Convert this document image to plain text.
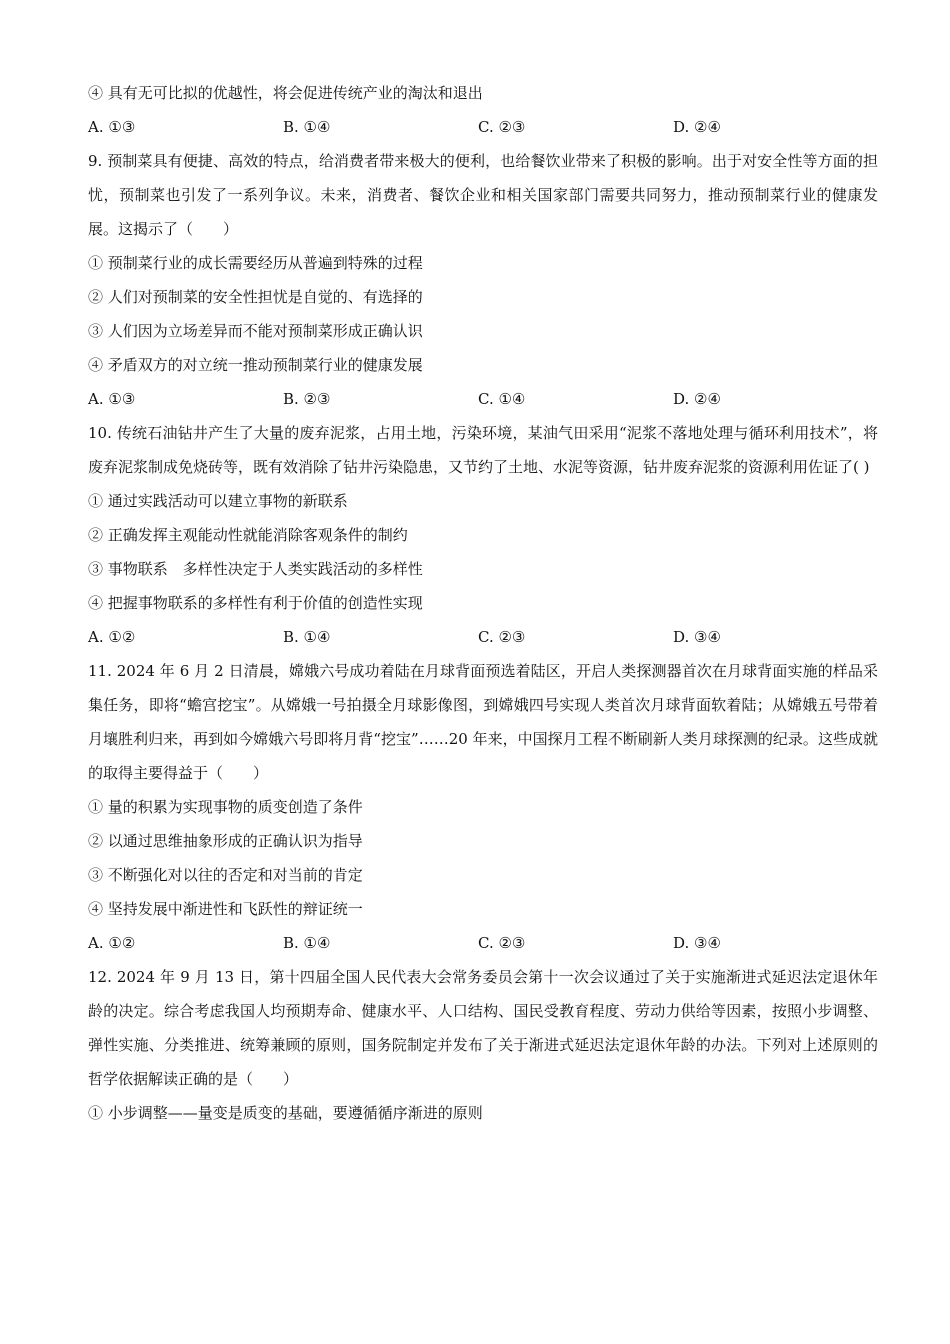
④ 具有无可比拟的优越性，将会促进传统产业的淘汰和退出
A. ①③	B. ①④	C. ②③	D. ②④
9. 预制菜具有便捷、高效的特点，给消费者带来极大的便利，也给餐饮业带来了积极的影响。出于对安全性等方面的担忧，预制菜也引发了一系列争议。未来，消费者、餐饮企业和相关国家部门需要共同努力，推动预制菜行业的健康发展。这揭示了（　　）
① 预制菜行业的成长需要经历从普遍到特殊的过程
② 人们对预制菜的安全性担忧是自觉的、有选择的
③ 人们因为立场差异而不能对预制菜形成正确认识
④ 矛盾双方的对立统一推动预制菜行业的健康发展
A. ①③	B. ②③	C. ①④	D. ②④
10. 传统石油钻井产生了大量的废弃泥浆，占用土地，污染环境，某油气田采用“泥浆不落地处理与循环利用技术”，将废弃泥浆制成免烧砖等，既有效消除了钻井污染隐患，又节约了土地、水泥等资源，钻井废弃泥浆的资源利用佐证了( )
① 通过实践活动可以建立事物的新联系
② 正确发挥主观能动性就能消除客观条件的制约
③ 事物联系　多样性决定于人类实践活动的多样性
④ 把握事物联系的多样性有利于价值的创造性实现
A. ①②	B. ①④	C. ②③	D. ③④
11. 2024 年 6 月 2 日清晨，嫦娥六号成功着陆在月球背面预选着陆区，开启人类探测器首次在月球背面实施的样品采集任务，即将“蟾宫挖宝”。从嫦娥一号拍摄全月球影像图，到嫦娥四号实现人类首次月球背面软着陆；从嫦娥五号带着月壤胜利归来，再到如今嫦娥六号即将月背“挖宝”……20 年来，中国探月工程不断刷新人类月球探测的纪录。这些成就的取得主要得益于（　　）
① 量的积累为实现事物的质变创造了条件
② 以通过思维抽象形成的正确认识为指导
③ 不断强化对以往的否定和对当前的肯定
④ 坚持发展中渐进性和飞跃性的辩证统一
A. ①②	B. ①④	C. ②③	D. ③④
12. 2024 年 9 月 13 日，第十四届全国人民代表大会常务委员会第十一次会议通过了关于实施渐进式延迟法定退休年龄的决定。综合考虑我国人均预期寿命、健康水平、人口结构、国民受教育程度、劳动力供给等因素，按照小步调整、弹性实施、分类推进、统筹兼顾的原则，国务院制定并发布了关于渐进式延迟法定退休年龄的办法。下列对上述原则的哲学依据解读正确的是（　　）
① 小步调整——量变是质变的基础，要遵循循序渐进的原则
